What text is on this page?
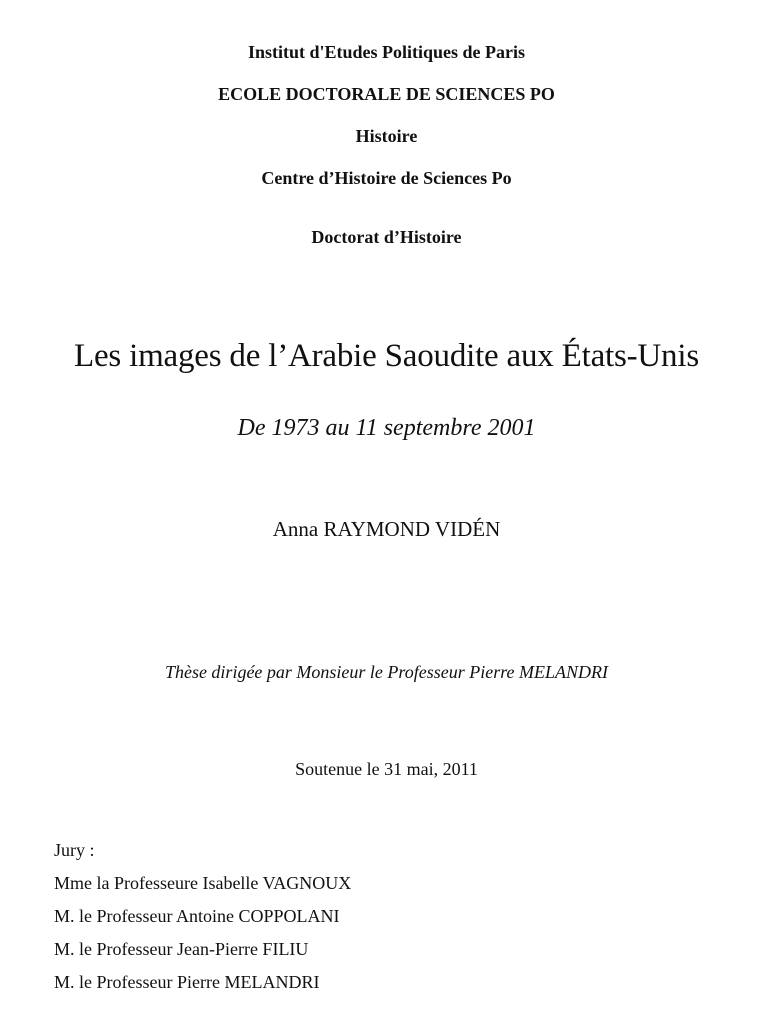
Institut d'Etudes Politiques de Paris
ECOLE DOCTORALE DE SCIENCES PO
Histoire
Centre d’Histoire de Sciences Po
Doctorat d’Histoire
Les images de l’Arabie Saoudite aux États-Unis
De 1973 au 11 septembre 2001
Anna RAYMOND VIDÉN
Thèse dirigée par Monsieur le Professeur Pierre MELANDRI
Soutenue le 31 mai, 2011
Jury :
Mme la Professeure Isabelle VAGNOUX
M. le Professeur Antoine COPPOLANI
M. le Professeur Jean-Pierre FILIU
M. le Professeur Pierre MELANDRI
